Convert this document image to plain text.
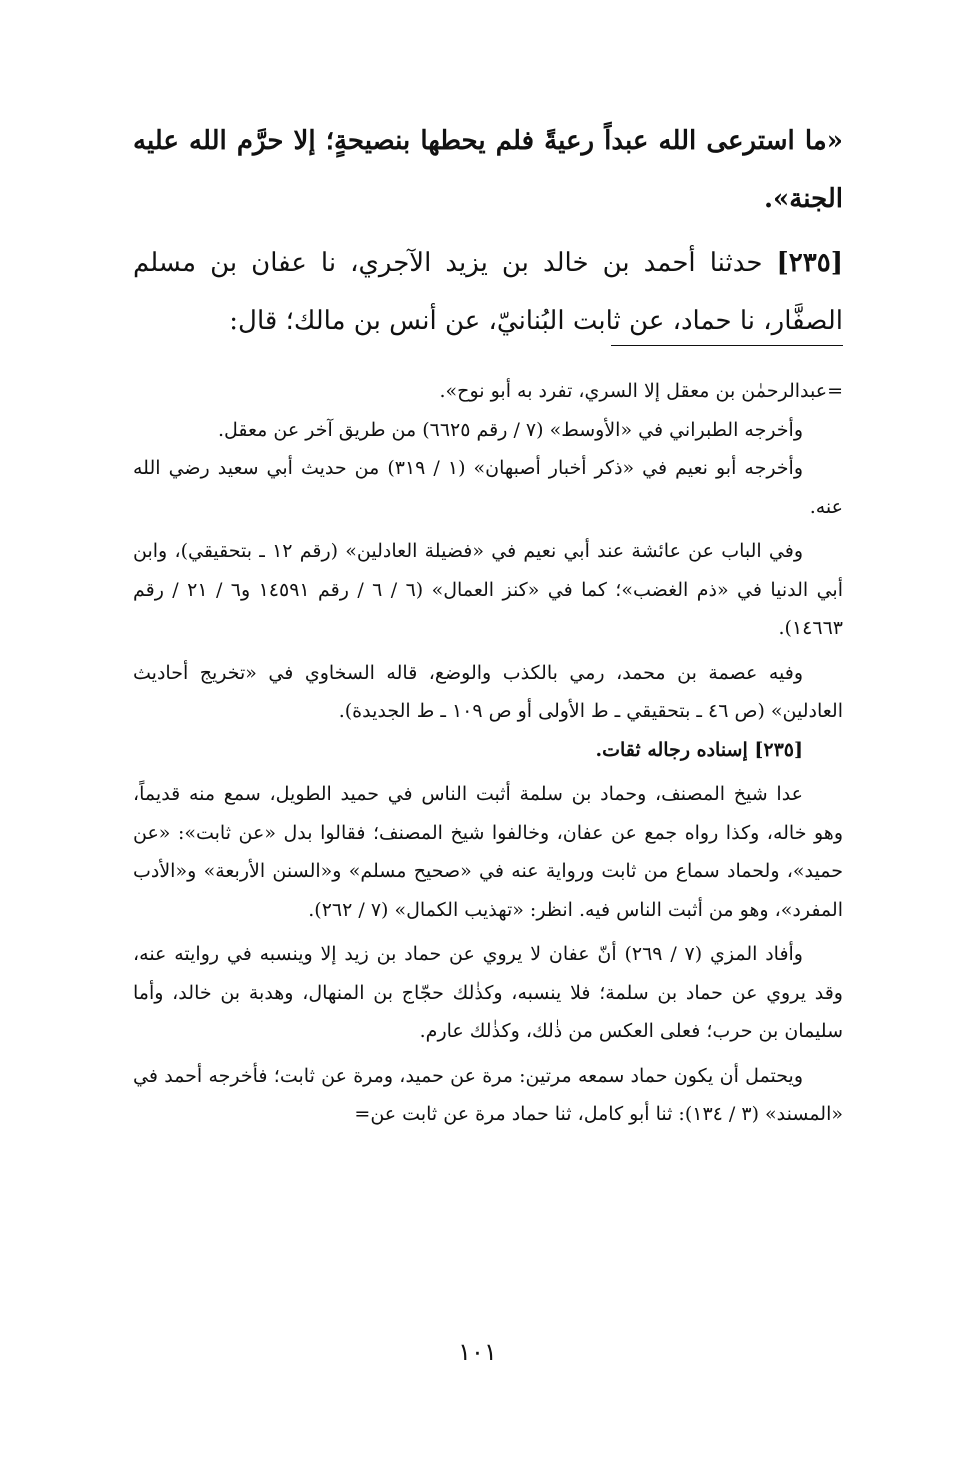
«ما استرعى الله عبداً رعيةً فلم يحطها بنصيحةٍ؛ إلا حرَّم الله عليه الجنة».

[٢٣٥] حدثنا أحمد بن خالد بن يزيد الآجري، نا عفان بن مسلم الصفَّار، نا حماد، عن ثابت البُنانيّ، عن أنس بن مالك؛ قال:

=عبدالرحمٰن بن معقل إلا السري، تفرد به أبو نوح».

وأخرجه الطبراني في «الأوسط» (٧ / رقم ٦٦٢٥) من طريق آخر عن معقل.

وأخرجه أبو نعيم في «ذكر أخبار أصبهان» (١ / ٣١٩) من حديث أبي سعيد رضي الله عنه.

وفي الباب عن عائشة عند أبي نعيم في «فضيلة العادلين» (رقم ١٢ ـ بتحقيقي)، وابن أبي الدنيا في «ذم الغضب»؛ كما في «كنز العمال» (٦ / ٦ / رقم ١٤٥٩١ و٦ / ٢١ / رقم ١٤٦٦٣).

وفيه عصمة بن محمد، رمي بالكذب والوضع، قاله السخاوي في «تخريج أحاديث العادلين» (ص ٤٦ ـ بتحقيقي ـ ط الأولى أو ص ١٠٩ ـ ط الجديدة).

[٢٣٥] إسناده رجاله ثقات.

عدا شيخ المصنف، وحماد بن سلمة أثبت الناس في حميد الطويل، سمع منه قديماً، وهو خاله، وكذا رواه جمع عن عفان، وخالفوا شيخ المصنف؛ فقالوا بدل «عن ثابت»: «عن حميد»، ولحماد سماع من ثابت ورواية عنه في «صحيح مسلم» و«السنن الأربعة» و«الأدب المفرد»، وهو من أثبت الناس فيه. انظر: «تهذيب الكمال» (٧ / ٢٦٢).

وأفاد المزي (٧ / ٢٦٩) أنّ عفان لا يروي عن حماد بن زيد إلا وينسبه في روايته عنه، وقد يروي عن حماد بن سلمة؛ فلا ينسبه، وكذٰلك حجّاج بن المنهال، وهدبة بن خالد، وأما سليمان بن حرب؛ فعلى العكس من ذٰلك، وكذٰلك عارم.

ويحتمل أن يكون حماد سمعه مرتين: مرة عن حميد، ومرة عن ثابت؛ فأخرجه أحمد في «المسند» (٣ / ١٣٤): ثنا أبو كامل، ثنا حماد مرة عن ثابت عن=

١٠١
